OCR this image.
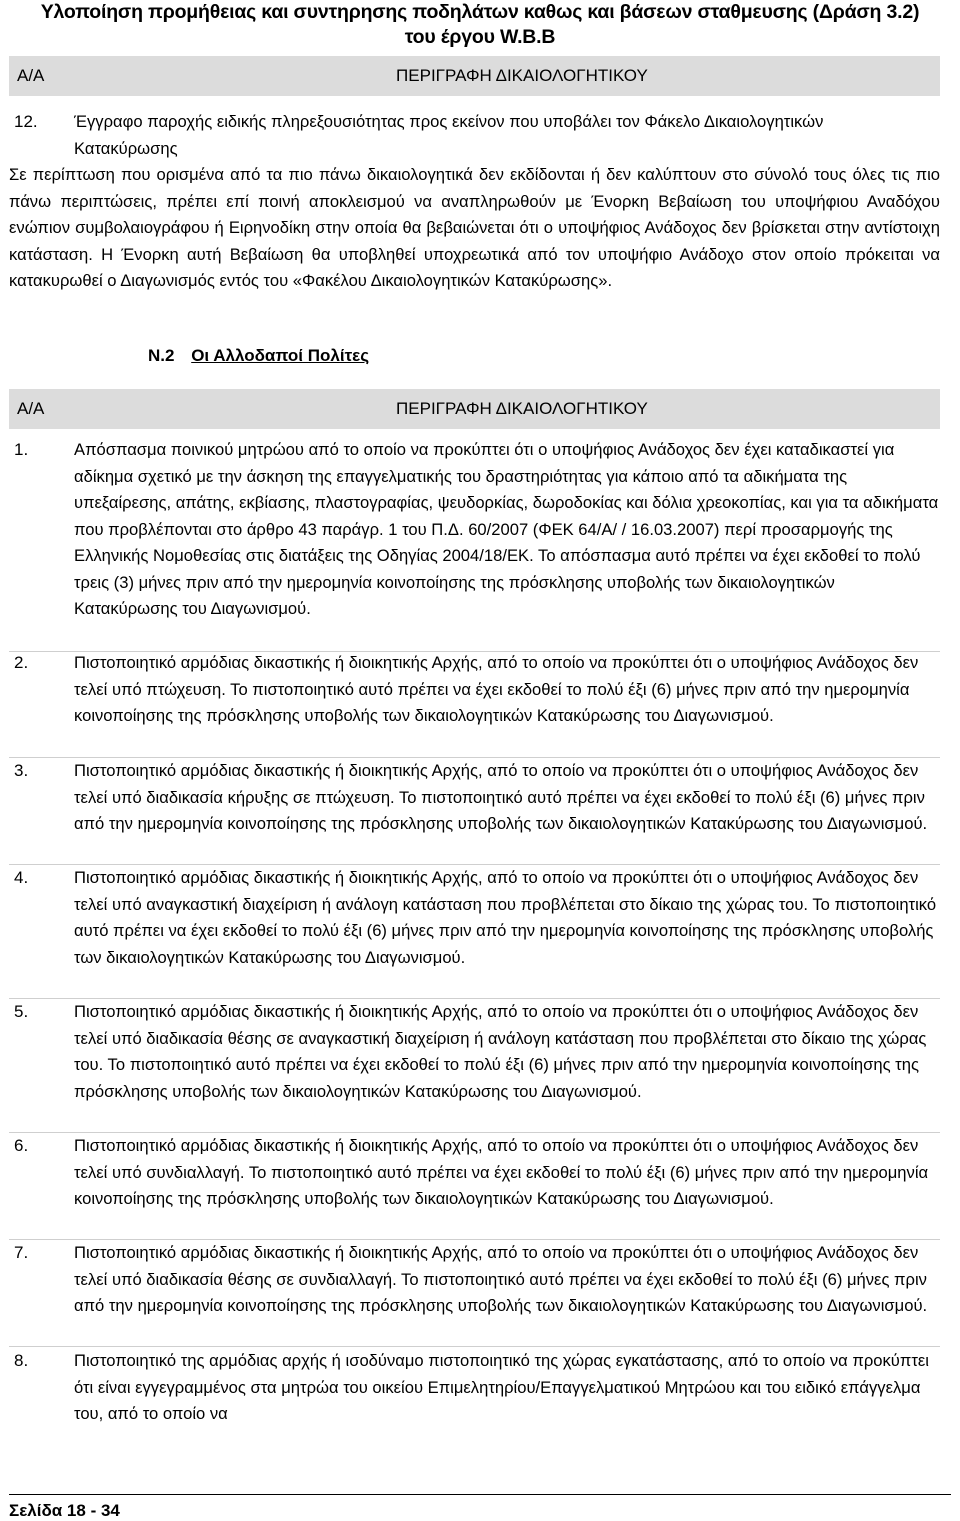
Υλοποίηση προμήθειας και συντηρησης ποδηλάτων καθως και βάσεων σταθμευσης (Δράση 3.2)
του έργου W.B.B
Α/Α	ΠΕΡΙΓΡΑΦΗ ΔΙΚΑΙΟΛΟΓΗΤΙΚΟΥ
12. Έγγραφο παροχής ειδικής πληρεξουσιότητας προς εκείνον που υποβάλει τον Φάκελο Δικαιολογητικών Κατακύρωσης
Σε περίπτωση που ορισμένα από τα πιο πάνω δικαιολογητικά δεν εκδίδονται ή δεν καλύπτουν στο σύνολό τους όλες τις πιο πάνω περιπτώσεις, πρέπει επί ποινή αποκλεισμού να αναπληρωθούν με Ένορκη Βεβαίωση του υποψήφιου Αναδόχου ενώπιον συμβολαιογράφου ή Ειρηνοδίκη στην οποία θα βεβαιώνεται ότι ο υποψήφιος Ανάδοχος δεν βρίσκεται στην αντίστοιχη κατάσταση. Η Ένορκη αυτή Βεβαίωση θα υποβληθεί υποχρεωτικά από τον υποψήφιο Ανάδοχο στον οποίο πρόκειται να κατακυρωθεί ο Διαγωνισμός εντός του «Φακέλου Δικαιολογητικών Κατακύρωσης».
Ν.2 Οι Αλλοδαποί Πολίτες
Α/Α	ΠΕΡΙΓΡΑΦΗ ΔΙΚΑΙΟΛΟΓΗΤΙΚΟΥ
1.	Απόσπασμα ποινικού μητρώου από το οποίο να προκύπτει ότι ο υποψήφιος Ανάδοχος δεν έχει καταδικαστεί για αδίκημα σχετικό με την άσκηση της επαγγελματικής του δραστηριότητας για κάποιο από τα αδικήματα της υπεξαίρεσης, απάτης, εκβίασης, πλαστογραφίας, ψευδορκίας, δωροδοκίας και δόλια χρεοκοπίας, και για τα αδικήματα που προβλέπονται στο άρθρο 43 παράγρ. 1 του Π.Δ. 60/2007 (ΦΕΚ 64/Α/ / 16.03.2007) περί προσαρμογής της Ελληνικής Νομοθεσίας στις διατάξεις της Οδηγίας 2004/18/ΕΚ. Το απόσπασμα αυτό πρέπει να έχει εκδοθεί το πολύ τρεις (3) μήνες πριν από την ημερομηνία κοινοποίησης της πρόσκλησης υποβολής των δικαιολογητικών Κατακύρωσης του Διαγωνισμού.
2.	Πιστοποιητικό αρμόδιας δικαστικής ή διοικητικής Αρχής, από το οποίο να προκύπτει ότι ο υποψήφιος Ανάδοχος δεν τελεί υπό πτώχευση. Το πιστοποιητικό αυτό πρέπει να έχει εκδοθεί το πολύ έξι (6) μήνες πριν από την ημερομηνία κοινοποίησης της πρόσκλησης υποβολής των δικαιολογητικών Κατακύρωσης του Διαγωνισμού.
3.	Πιστοποιητικό αρμόδιας δικαστικής ή διοικητικής Αρχής, από το οποίο να προκύπτει ότι ο υποψήφιος Ανάδοχος δεν τελεί υπό διαδικασία κήρυξης σε πτώχευση. Το πιστοποιητικό αυτό πρέπει να έχει εκδοθεί το πολύ έξι (6) μήνες πριν από την ημερομηνία κοινοποίησης της πρόσκλησης υποβολής των δικαιολογητικών Κατακύρωσης του Διαγωνισμού.
4.	Πιστοποιητικό αρμόδιας δικαστικής ή διοικητικής Αρχής, από το οποίο να προκύπτει ότι ο υποψήφιος Ανάδοχος δεν τελεί υπό αναγκαστική διαχείριση ή ανάλογη κατάσταση που προβλέπεται στο δίκαιο της χώρας του. Το πιστοποιητικό αυτό πρέπει να έχει εκδοθεί το πολύ έξι (6) μήνες πριν από την ημερομηνία κοινοποίησης της πρόσκλησης υποβολής των δικαιολογητικών Κατακύρωσης του Διαγωνισμού.
5.	Πιστοποιητικό αρμόδιας δικαστικής ή διοικητικής Αρχής, από το οποίο να προκύπτει ότι ο υποψήφιος Ανάδοχος δεν τελεί υπό διαδικασία θέσης σε αναγκαστική διαχείριση ή ανάλογη κατάσταση που προβλέπεται στο δίκαιο της χώρας του. Το πιστοποιητικό αυτό πρέπει να έχει εκδοθεί το πολύ έξι (6) μήνες πριν από την ημερομηνία κοινοποίησης της πρόσκλησης υποβολής των δικαιολογητικών Κατακύρωσης του Διαγωνισμού.
6.	Πιστοποιητικό αρμόδιας δικαστικής ή διοικητικής Αρχής, από το οποίο να προκύπτει ότι ο υποψήφιος Ανάδοχος δεν τελεί υπό συνδιαλλαγή. Το πιστοποιητικό αυτό πρέπει να έχει εκδοθεί το πολύ έξι (6) μήνες πριν από την ημερομηνία κοινοποίησης της πρόσκλησης υποβολής των δικαιολογητικών Κατακύρωσης του Διαγωνισμού.
7.	Πιστοποιητικό αρμόδιας δικαστικής ή διοικητικής Αρχής, από το οποίο να προκύπτει ότι ο υποψήφιος Ανάδοχος δεν τελεί υπό διαδικασία θέσης σε συνδιαλλαγή. Το πιστοποιητικό αυτό πρέπει να έχει εκδοθεί το πολύ έξι (6) μήνες πριν από την ημερομηνία κοινοποίησης της πρόσκλησης υποβολής των δικαιολογητικών Κατακύρωσης του Διαγωνισμού.
8.	Πιστοποιητικό της αρμόδιας αρχής ή ισοδύναμο πιστοποιητικό της χώρας εγκατάστασης, από το οποίο να προκύπτει ότι είναι εγγεγραμμένος στα μητρώα του οικείου Επιμελητηρίου/Επαγγελματικού Μητρώου και του ειδικό επάγγελμα του, από το οποίο να
Σελίδα 18 - 34
